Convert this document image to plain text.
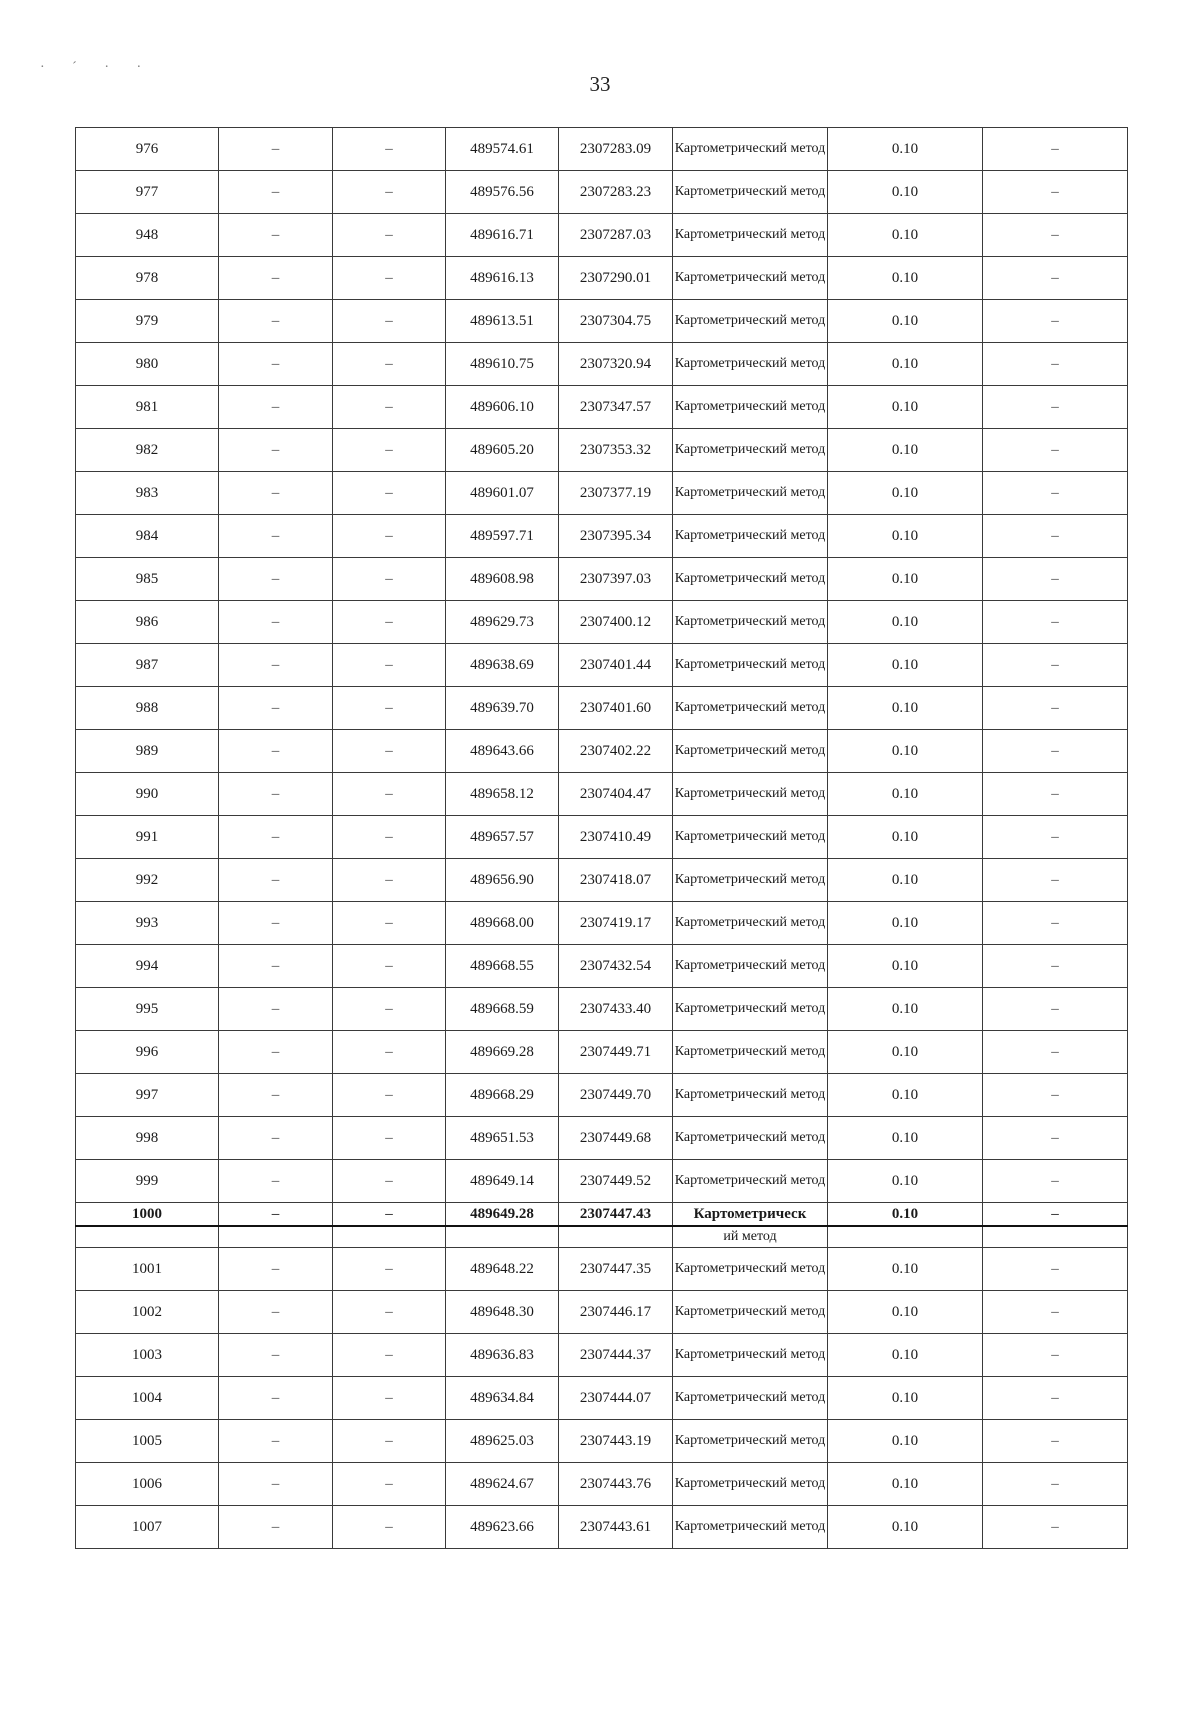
· ˊ · ·
33
976	–	–	489574.61	2307283.09	Картометрический метод	0.10	–
977	–	–	489576.56	2307283.23	Картометрический метод	0.10	–
948	–	–	489616.71	2307287.03	Картометрический метод	0.10	–
978	–	–	489616.13	2307290.01	Картометрический метод	0.10	–
979	–	–	489613.51	2307304.75	Картометрический метод	0.10	–
980	–	–	489610.75	2307320.94	Картометрический метод	0.10	–
981	–	–	489606.10	2307347.57	Картометрический метод	0.10	–
982	–	–	489605.20	2307353.32	Картометрический метод	0.10	–
983	–	–	489601.07	2307377.19	Картометрический метод	0.10	–
984	–	–	489597.71	2307395.34	Картометрический метод	0.10	–
985	–	–	489608.98	2307397.03	Картометрический метод	0.10	–
986	–	–	489629.73	2307400.12	Картометрический метод	0.10	–
987	–	–	489638.69	2307401.44	Картометрический метод	0.10	–
988	–	–	489639.70	2307401.60	Картометрический метод	0.10	–
989	–	–	489643.66	2307402.22	Картометрический метод	0.10	–
990	–	–	489658.12	2307404.47	Картометрический метод	0.10	–
991	–	–	489657.57	2307410.49	Картометрический метод	0.10	–
992	–	–	489656.90	2307418.07	Картометрический метод	0.10	–
993	–	–	489668.00	2307419.17	Картометрический метод	0.10	–
994	–	–	489668.55	2307432.54	Картометрический метод	0.10	–
995	–	–	489668.59	2307433.40	Картометрический метод	0.10	–
996	–	–	489669.28	2307449.71	Картометрический метод	0.10	–
997	–	–	489668.29	2307449.70	Картометрический метод	0.10	–
998	–	–	489651.53	2307449.68	Картометрический метод	0.10	–
999	–	–	489649.14	2307449.52	Картометрический метод	0.10	–
1000	–	–	489649.28	2307447.43	Картометрическ	0.10	–
					ий метод		
1001	–	–	489648.22	2307447.35	Картометрический метод	0.10	–
1002	–	–	489648.30	2307446.17	Картометрический метод	0.10	–
1003	–	–	489636.83	2307444.37	Картометрический метод	0.10	–
1004	–	–	489634.84	2307444.07	Картометрический метод	0.10	–
1005	–	–	489625.03	2307443.19	Картометрический метод	0.10	–
1006	–	–	489624.67	2307443.76	Картометрический метод	0.10	–
1007	–	–	489623.66	2307443.61	Картометрический метод	0.10	–
